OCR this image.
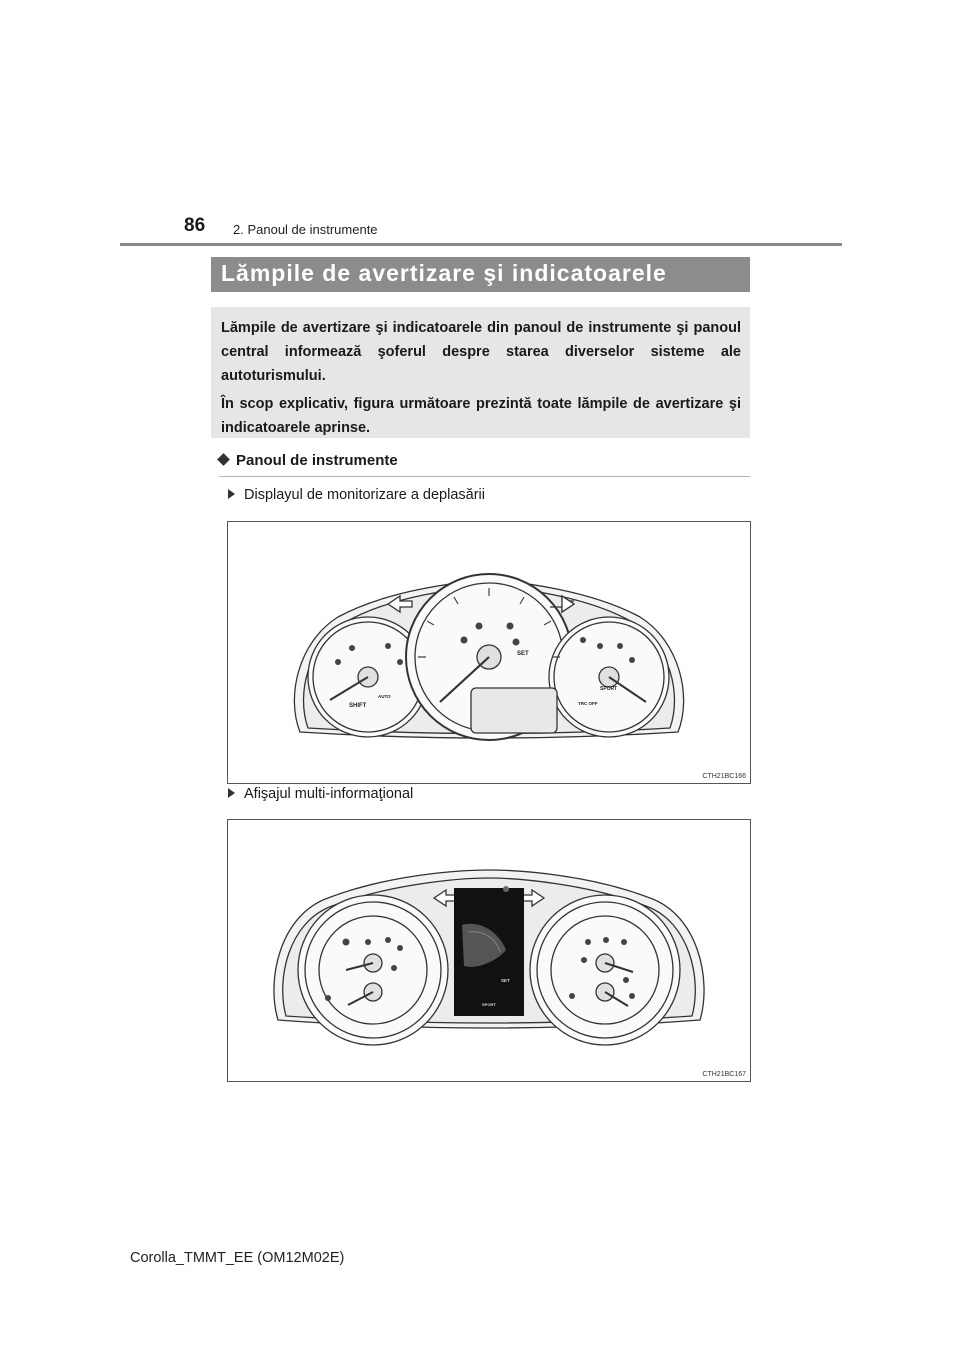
86 2. Panoul de instrumente
Lămpile de avertizare şi indicatoarele

Lămpile de avertizare şi indicatoarele din panoul de instrumente şi panoul central informează şoferul despre starea diverselor sisteme ale autoturismului.

În scop explicativ, figura următoare prezintă toate lămpile de avertizare şi indicatoarele aprinse.

Panoul de instrumente
Displayul de monitorizare a deplasării
SET
SHIFT
SPORT
TRC OFF
AUTO
CTH21BC166
Afişajul multi-informaţional
SET
SPORT
CTH21BC167
Corolla_TMMT_EE (OM12M02E)
